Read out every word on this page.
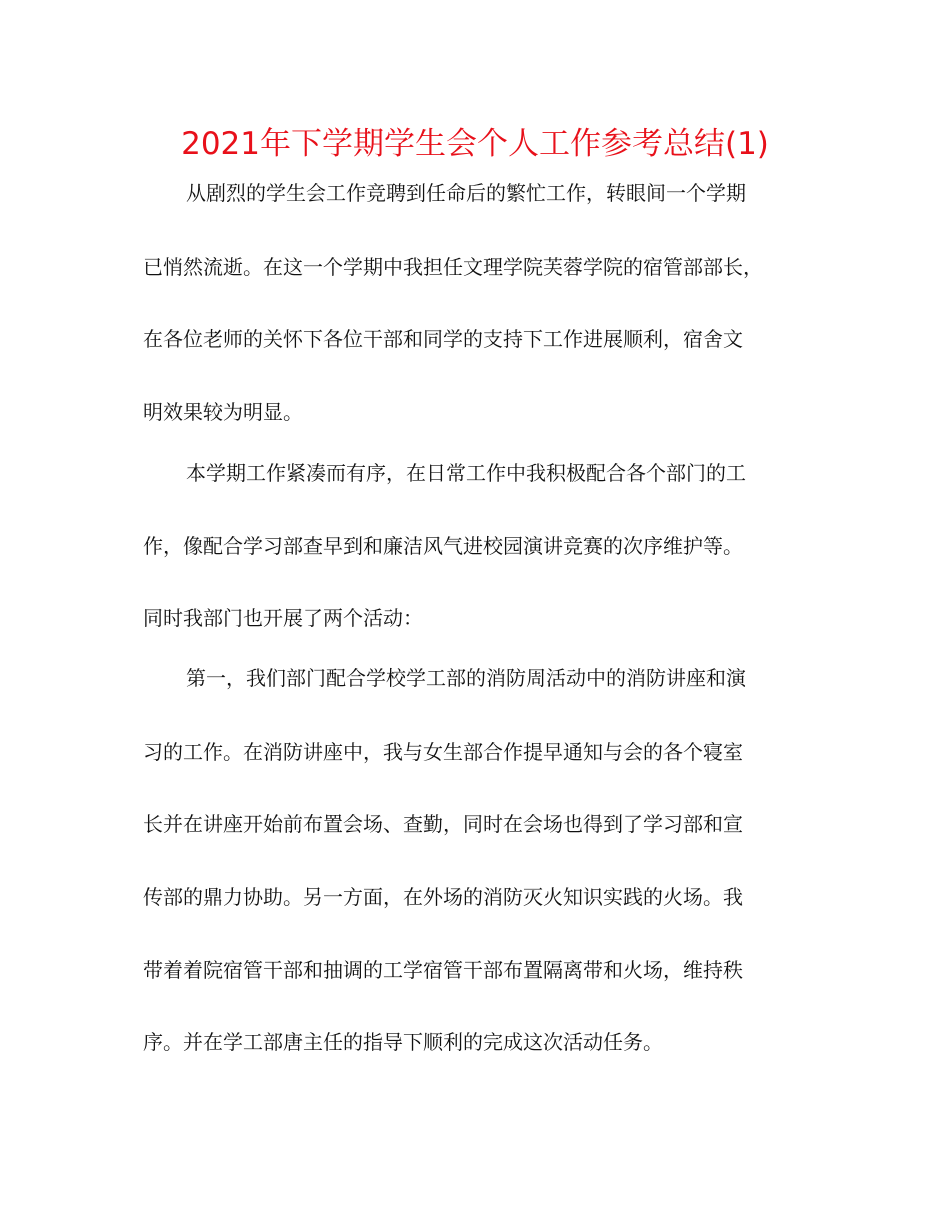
2021年下学期学生会个人工作参考总结(1)
从剧烈的学生会工作竞聘到任命后的繁忙工作，转眼间一个学期
已悄然流逝。在这一个学期中我担任文理学院芙蓉学院的宿管部部长，
在各位老师的关怀下各位干部和同学的支持下工作进展顺利，宿舍文
明效果较为明显。
本学期工作紧凑而有序，在日常工作中我积极配合各个部门的工
作，像配合学习部查早到和廉洁风气进校园演讲竞赛的次序维护等。
同时我部门也开展了两个活动：
第一，我们部门配合学校学工部的消防周活动中的消防讲座和演
习的工作。在消防讲座中，我与女生部合作提早通知与会的各个寝室
长并在讲座开始前布置会场、查勤，同时在会场也得到了学习部和宣
传部的鼎力协助。另一方面，在外场的消防灭火知识实践的火场。我
带着着院宿管干部和抽调的工学宿管干部布置隔离带和火场，维持秩
序。并在学工部唐主任的指导下顺利的完成这次活动任务。
